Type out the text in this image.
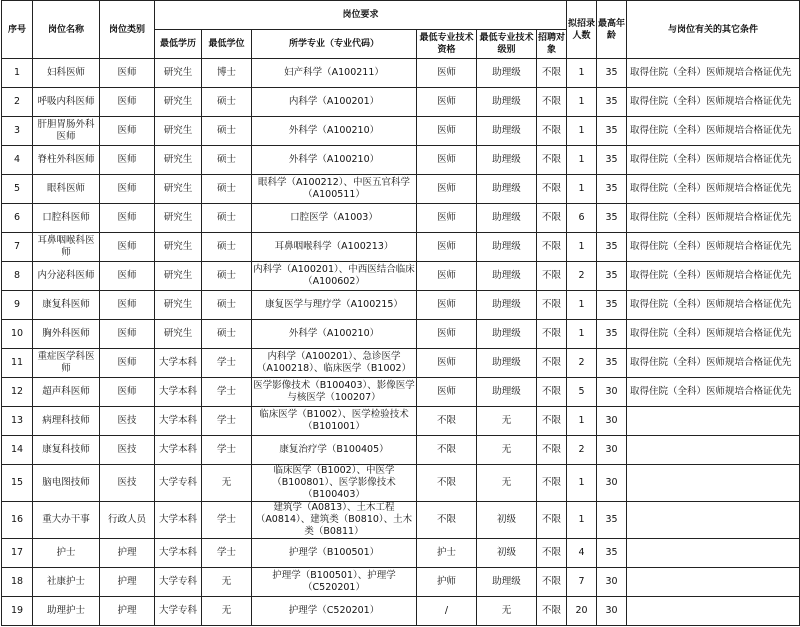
序号	岗位名称	岗位类别	岗位要求						拟招录人数	最高年龄	与岗位有关的其它条件
			最低学历	最低学位	所学专业（专业代码）	最低专业技术资格	最低专业技术级别	招聘对象			
1	妇科医师	医师	研究生	博士	妇产科学（A100211）	医师	助理级	不限	1	35	取得住院（全科）医师规培合格证优先
2	呼吸内科医师	医师	研究生	硕士	内科学（A100201）	医师	助理级	不限	1	35	取得住院（全科）医师规培合格证优先
3	肝胆胃肠外科医师	医师	研究生	硕士	外科学（A100210）	医师	助理级	不限	1	35	取得住院（全科）医师规培合格证优先
4	脊柱外科医师	医师	研究生	硕士	外科学（A100210）	医师	助理级	不限	1	35	取得住院（全科）医师规培合格证优先
5	眼科医师	医师	研究生	硕士	眼科学（A100212）、中医五官科学（A100511）	医师	助理级	不限	1	35	取得住院（全科）医师规培合格证优先
6	口腔科医师	医师	研究生	硕士	口腔医学（A1003）	医师	助理级	不限	6	35	取得住院（全科）医师规培合格证优先
7	耳鼻咽喉科医师	医师	研究生	硕士	耳鼻咽喉科学（A100213）	医师	助理级	不限	1	35	取得住院（全科）医师规培合格证优先
8	内分泌科医师	医师	研究生	硕士	内科学（A100201）、中西医结合临床（A100602）	医师	助理级	不限	2	35	取得住院（全科）医师规培合格证优先
9	康复科医师	医师	研究生	硕士	康复医学与理疗学（A100215）	医师	助理级	不限	1	35	取得住院（全科）医师规培合格证优先
10	胸外科医师	医师	研究生	硕士	外科学（A100210）	医师	助理级	不限	1	35	取得住院（全科）医师规培合格证优先
11	重症医学科医师	医师	大学本科	学士	内科学（A100201）、急诊医学（A100218）、临床医学（B1002）	医师	助理级	不限	2	35	取得住院（全科）医师规培合格证优先
12	超声科医师	医师	大学本科	学士	医学影像技术（B100403）、影像医学与核医学（100207）	医师	助理级	不限	5	30	取得住院（全科）医师规培合格证优先
13	病理科技师	医技	大学本科	学士	临床医学（B1002）、医学检验技术（B101001）	不限	无	不限	1	30	
14	康复科技师	医技	大学本科	学士	康复治疗学（B100405）	不限	无	不限	2	30	
15	脑电图技师	医技	大学专科	无	临床医学（B1002）、中医学（B100801）、医学影像技术（B100403）	不限	无	不限	1	30	
16	重大办干事	行政人员	大学本科	学士	建筑学（A0813）、土木工程（A0814）、建筑类（B0810）、土木类（B0811）	不限	初级	不限	1	35	
17	护士	护理	大学本科	学士	护理学（B100501）	护士	初级	不限	4	35	
18	社康护士	护理	大学专科	无	护理学（B100501）、护理学（C520201）	护师	助理级	不限	7	30	
19	助理护士	护理	大学专科	无	护理学（C520201）	/	无	不限	20	30	
